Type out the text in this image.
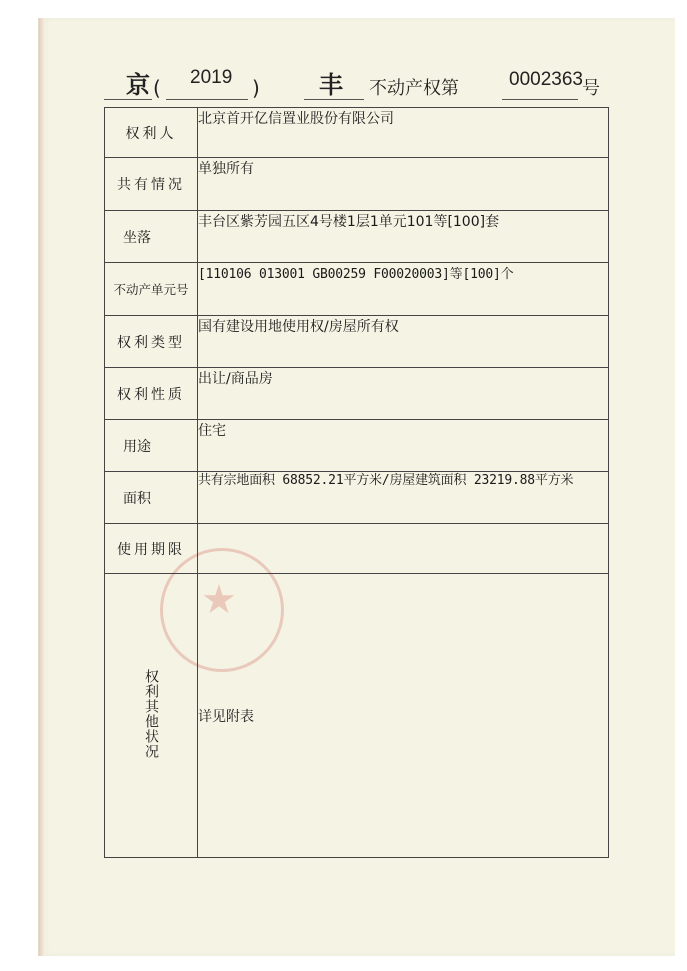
京 ( 2019 ) 丰 不动产权第	0002363 号
★
权利人	北京首开亿信置业股份有限公司
共有情况	单独所有

坐落	丰台区紫芳园五区4号楼1层1单元101等[100]套
不动产单元号	[110106 013001 GB00259 F00020003]等[100]个
权利类型	国有建设用地使用权/房屋所有权
权利性质	出让/商品房

用途	住宅

面积	共有宗地面积 68852.21平方米/房屋建筑面积 23219.88平方米
使用期限	
权利其他状况	详见附表
